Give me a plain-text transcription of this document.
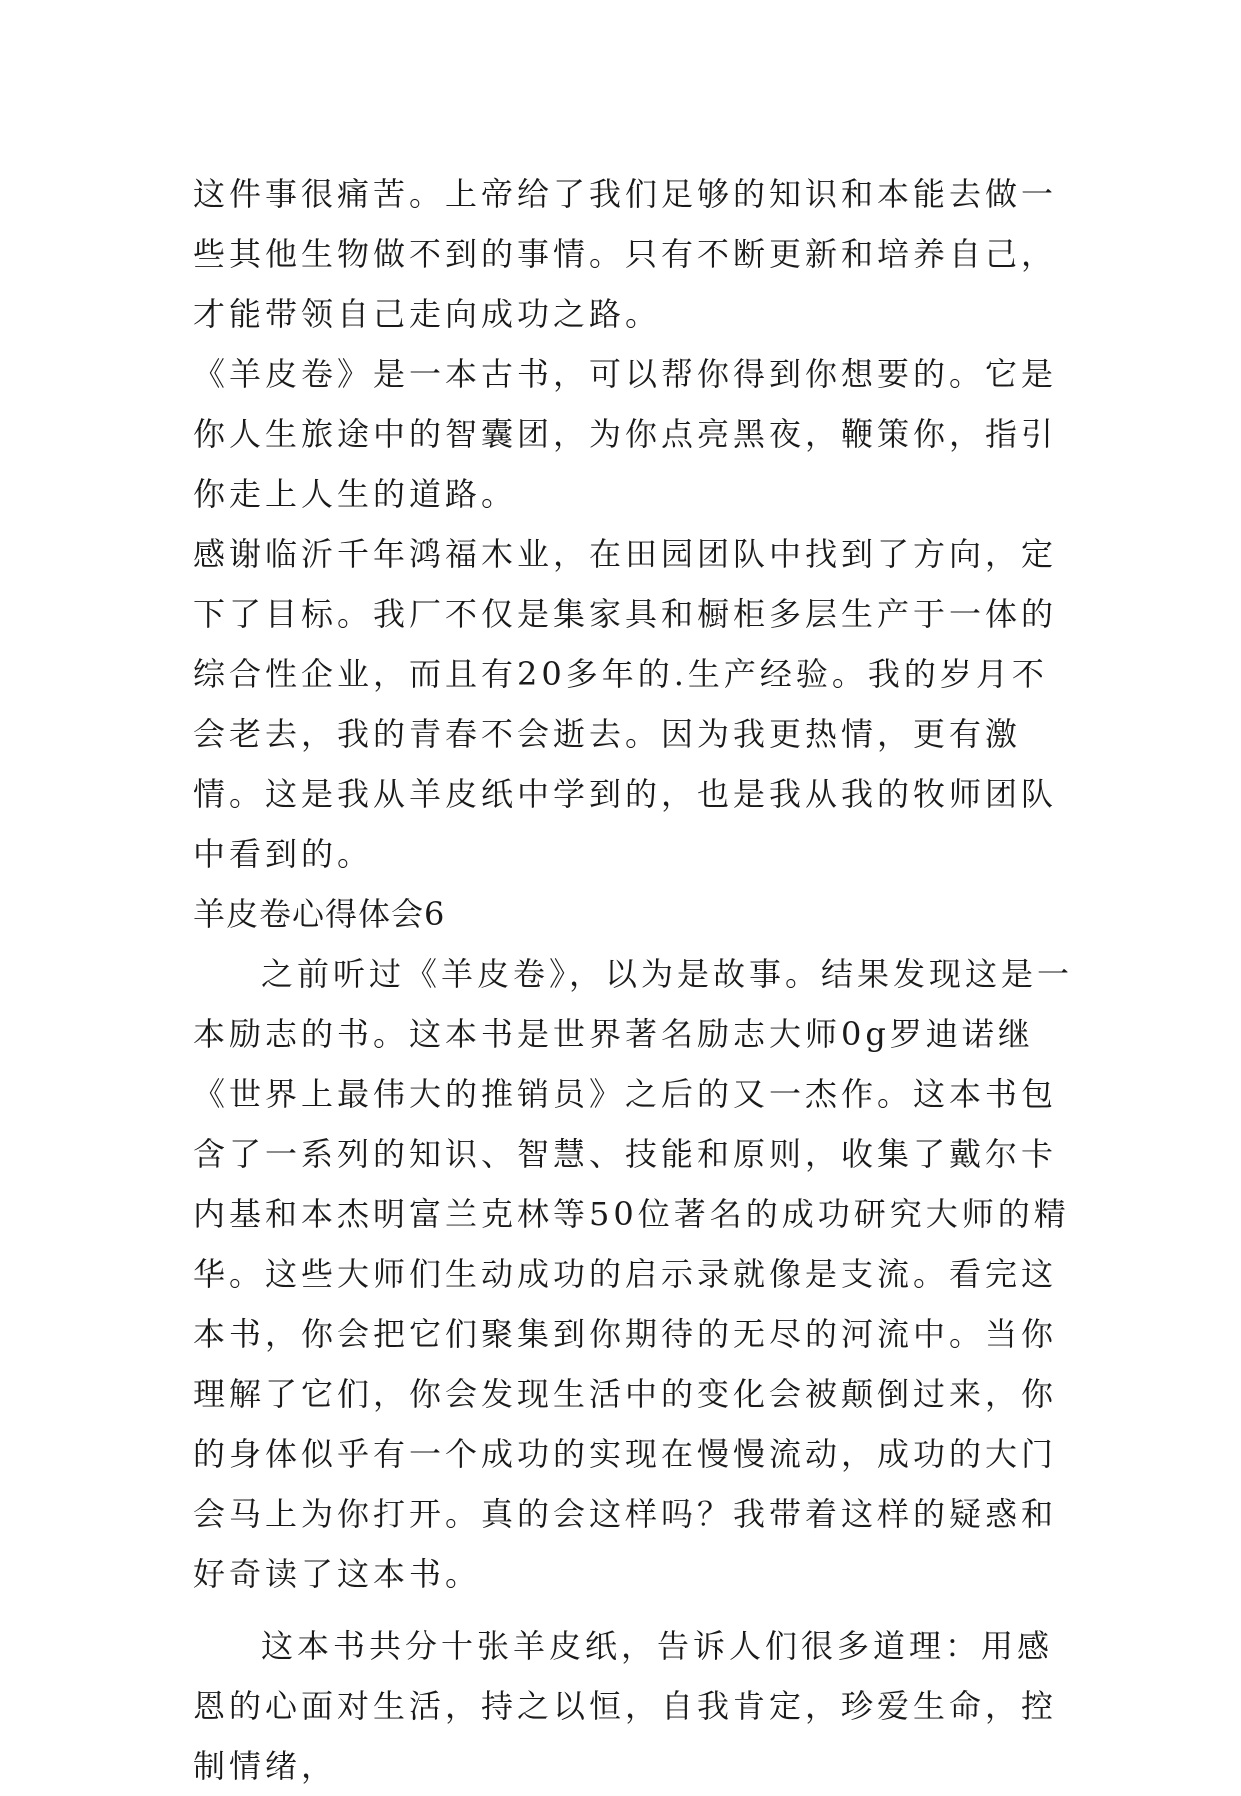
这件事很痛苦。上帝给了我们足够的知识和本能去做一些其他生物做不到的事情。只有不断更新和培养自己，才能带领自己走向成功之路。

《羊皮卷》是一本古书，可以帮你得到你想要的。它是你人生旅途中的智囊团，为你点亮黑夜，鞭策你，指引你走上人生的道路。

感谢临沂千年鸿福木业，在田园团队中找到了方向，定下了目标。我厂不仅是集家具和橱柜多层生产于一体的综合性企业，而且有20多年的.生产经验。我的岁月不会老去，我的青春不会逝去。因为我更热情，更有激情。这是我从羊皮纸中学到的，也是我从我的牧师团队中看到的。

羊皮卷心得体会6

之前听过《羊皮卷》，以为是故事。结果发现这是一本励志的书。这本书是世界著名励志大师0g罗迪诺继《世界上最伟大的推销员》之后的又一杰作。这本书包含了一系列的知识、智慧、技能和原则，收集了戴尔卡内基和本杰明富兰克林等50位著名的成功研究大师的精华。这些大师们生动成功的启示录就像是支流。看完这本书，你会把它们聚集到你期待的无尽的河流中。当你理解了它们，你会发现生活中的变化会被颠倒过来，你的身体似乎有一个成功的实现在慢慢流动，成功的大门会马上为你打开。真的会这样吗？我带着这样的疑惑和好奇读了这本书。

这本书共分十张羊皮纸，告诉人们很多道理：用感恩的心面对生活，持之以恒，自我肯定，珍爱生命，控制情绪，
